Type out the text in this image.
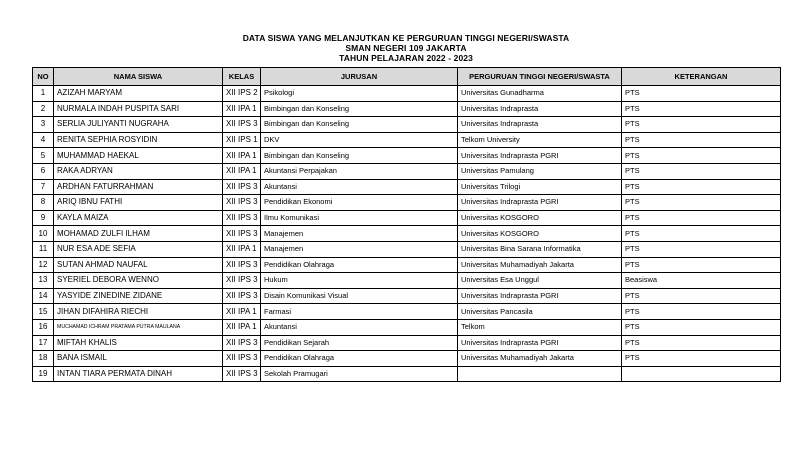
DATA SISWA YANG MELANJUTKAN KE PERGURUAN TINGGI NEGERI/SWASTA
SMAN NEGERI 109 JAKARTA
TAHUN PELAJARAN 2022 - 2023
NO	NAMA SISWA	KELAS	JURUSAN	PERGURUAN TINGGI NEGERI/SWASTA	KETERANGAN
1	AZIZAH MARYAM	XII IPS 2	Psikologi	Universitas Gunadharma	PTS
2	NURMALA INDAH PUSPITA SARI	XII IPA 1	Bimbingan dan Konseling	Universitas Indraprasta	PTS
3	SERLIA JULIYANTI NUGRAHA	XII IPS 3	Bimbingan dan Konseling	Universitas Indraprasta	PTS
4	RENITA SEPHIA ROSYIDIN	XII IPS 1	DKV	Telkom University	PTS
5	MUHAMMAD HAEKAL	XII IPA 1	Bimbingan dan Konseling	Universitas Indraprasta PGRI	PTS
6	RAKA ADRYAN	XII IPA 1	Akuntansi Perpajakan	Universitas Pamulang	PTS
7	ARDHAN FATURRAHMAN	XII IPS 3	Akuntansi	Universitas Trilogi	PTS
8	ARIQ IBNU FATHI	XII IPS 3	Pendidikan Ekonomi	Universitas Indraprasta PGRI	PTS
9	KAYLA MAIZA	XII IPS 3	Ilmu Komunikasi	Universitas KOSGORO	PTS
10	MOHAMAD ZULFI ILHAM	XII IPS 3	Manajemen	Universitas KOSGORO	PTS
11	NUR ESA ADE SEFIA	XII IPA 1	Manajemen	Universitas Bina Sarana Informatika	PTS
12	SUTAN AHMAD NAUFAL	XII IPS 3	Pendidikan Olahraga	Universitas Muhamadiyah Jakarta	PTS
13	SYERIEL DEBORA WENNO	XII IPS 3	Hukum	Universitas Esa Unggul	Beasiswa
14	YASYIDE ZINEDINE ZIDANE	XII IPS 3	Disain Komunikasi Visual	Universitas Indraprasta PGRI	PTS
15	JIHAN DIFAHIRA RIECHI	XII IPA 1	Farmasi	Universitas Pancasila	PTS
16	MUCHAMAD ICHRAM PRATAMA PUTRA MAULANA	XII IPA 1	Akuntansi	Telkom	PTS
17	MIFTAH KHALIS	XII IPS 3	Pendidikan Sejarah	Universitas Indraprasta PGRI	PTS
18	BANA ISMAIL	XII IPS 3	Pendidikan Olahraga	Universitas Muhamadiyah Jakarta	PTS
19	INTAN TIARA PERMATA DINAH	XII IPS 3	Sekolah Pramugari		
